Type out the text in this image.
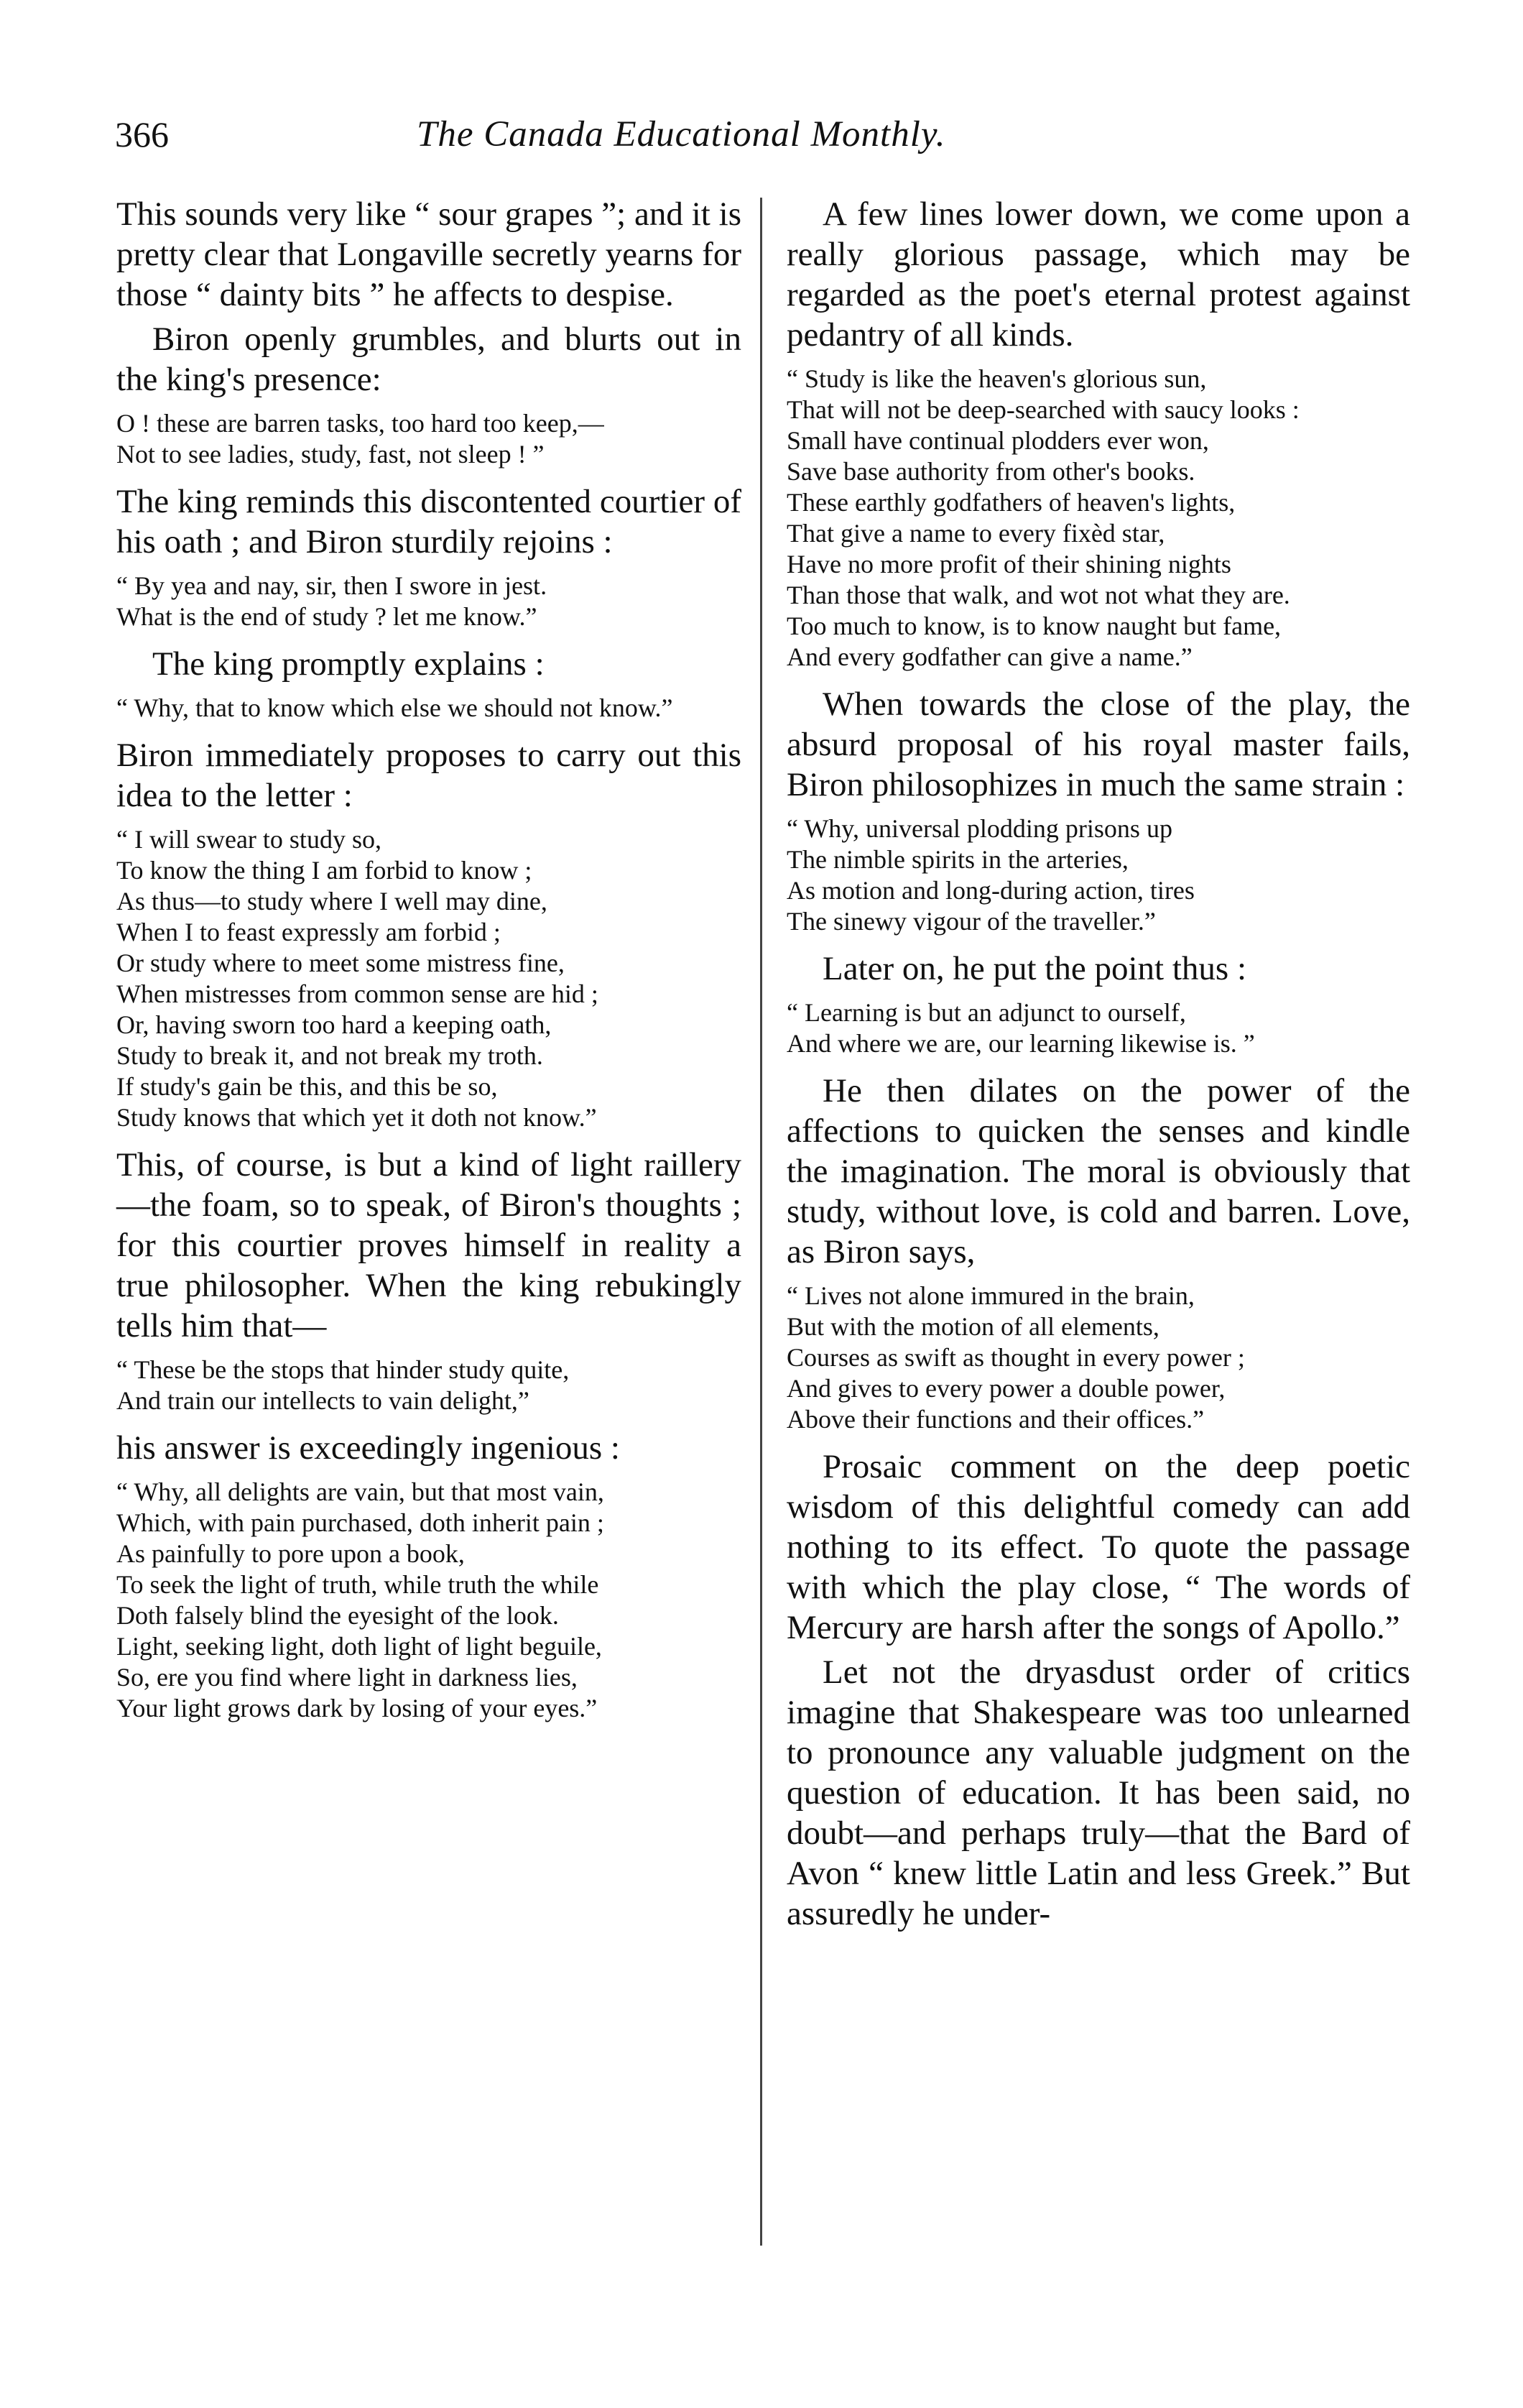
366	The Canada Educational Monthly.

This sounds very like “ sour grapes ”; and it is pretty clear that Longaville secretly yearns for those “ dainty bits ” he affects to despise.

Biron openly grumbles, and blurts out in the king's presence:

O ! these are barren tasks, too hard too keep,—
Not to see ladies, study, fast, not sleep ! ”

The king reminds this discontented courtier of his oath ; and Biron sturdily rejoins :

“ By yea and nay, sir, then I swore in jest.
What is the end of study ? let me know.”

The king promptly explains :

“ Why, that to know which else we should not know.”

Biron immediately proposes to carry out this idea to the letter :

“ I will swear to study so,
To know the thing I am forbid to know ;
As thus—to study where I well may dine,
When I to feast expressly am forbid ;
Or study where to meet some mistress fine,
When mistresses from common sense are hid ;
Or, having sworn too hard a keeping oath,
Study to break it, and not break my troth.
If study's gain be this, and this be so,
Study knows that which yet it doth not know.”

This, of course, is but a kind of light raillery—the foam, so to speak, of Biron's thoughts ; for this courtier proves himself in reality a true philosopher. When the king rebukingly tells him that—

“ These be the stops that hinder study quite,
And train our intellects to vain delight,”

his answer is exceedingly ingenious :

“ Why, all delights are vain, but that most vain,
Which, with pain purchased, doth inherit pain ;
As painfully to pore upon a book,
To seek the light of truth, while truth the while
Doth falsely blind the eyesight of the look.
Light, seeking light, doth light of light beguile,
So, ere you find where light in darkness lies,
Your light grows dark by losing of your eyes.”

A few lines lower down, we come upon a really glorious passage, which may be regarded as the poet's eternal protest against pedantry of all kinds.

“ Study is like the heaven's glorious sun,
That will not be deep-searched with saucy looks :
Small have continual plodders ever won,
Save base authority from other's books.
These earthly godfathers of heaven's lights,
That give a name to every fixèd star,
Have no more profit of their shining nights
Than those that walk, and wot not what they are.
Too much to know, is to know naught but fame,
And every godfather can give a name.”

When towards the close of the play, the absurd proposal of his royal master fails, Biron philosophizes in much the same strain :

“ Why, universal plodding prisons up
The nimble spirits in the arteries,
As motion and long-during action, tires
The sinewy vigour of the traveller.”

Later on, he put the point thus :

“ Learning is but an adjunct to ourself,
And where we are, our learning likewise is. ”

He then dilates on the power of the affections to quicken the senses and kindle the imagination. The moral is obviously that study, without love, is cold and barren. Love, as Biron says,

“ Lives not alone immured in the brain,
But with the motion of all elements,
Courses as swift as thought in every power ;
And gives to every power a double power,
Above their functions and their offices.”

Prosaic comment on the deep poetic wisdom of this delightful comedy can add nothing to its effect. To quote the passage with which the play close, “ The words of Mercury are harsh after the songs of Apollo.”

Let not the dryasdust order of critics imagine that Shakespeare was too unlearned to pronounce any valuable judgment on the question of education. It has been said, no doubt—and perhaps truly—that the Bard of Avon “ knew little Latin and less Greek.” But assuredly he under-
